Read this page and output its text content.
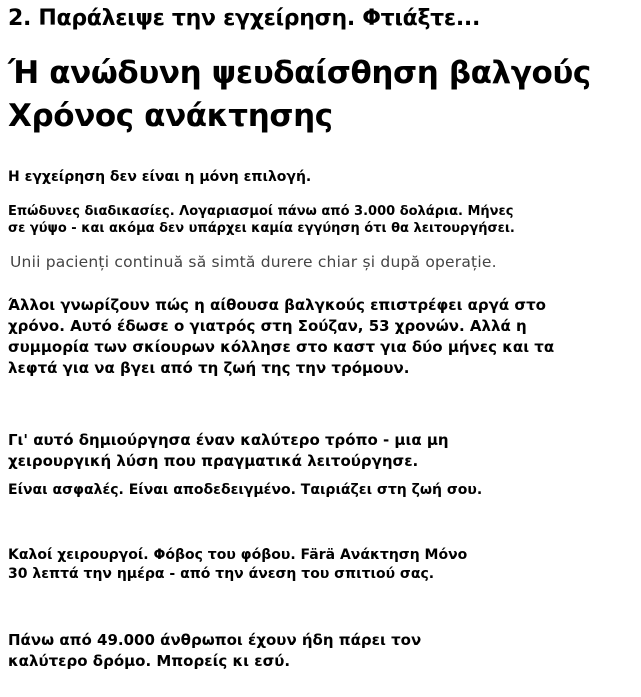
2. Παράλειψε την εγχείρηση. Φτιάξτε...
Ή ανώδυνη ψευδαίσθηση βαλγούς
Χρόνος ανάκτησης

Η εγχείρηση δεν είναι η μόνη επιλογή.

Επώδυνες διαδικασίες. Λογαριασμοί πάνω από 3.000 δολάρια. Μήνες
σε γύψο - και ακόμα δεν υπάρχει καμία εγγύηση ότι θα λειτουργήσει.

Unii pacienți continuă să simtă durere chiar și după operație.

Άλλοι γνωρίζουν πώς η αίθουσα βαλγκούς επιστρέφει αργά στο
χρόνο. Αυτό έδωσε ο γιατρός στη Σούζαν, 53 χρονών. Αλλά η
συμμορία των σκίουρων κόλλησε στο καστ για δύο μήνες και τα
λεφτά για να βγει από τη ζωή της την τρόμουν.

Γι' αυτό δημιούργησα έναν καλύτερο τρόπο - μια μη
χειρουργική λύση που πραγματικά λειτούργησε.

Είναι ασφαλές. Είναι αποδεδειγμένο. Ταιριάζει στη ζωή σου.

Καλοί χειρουργοί. Φόβος του φόβου. Färä Ανάκτηση Μόνο
30 λεπτά την ημέρα - από την άνεση του σπιτιού σας.

Πάνω από 49.000 άνθρωποι έχουν ήδη πάρει τον
καλύτερο δρόμο. Μπορείς κι εσύ.
